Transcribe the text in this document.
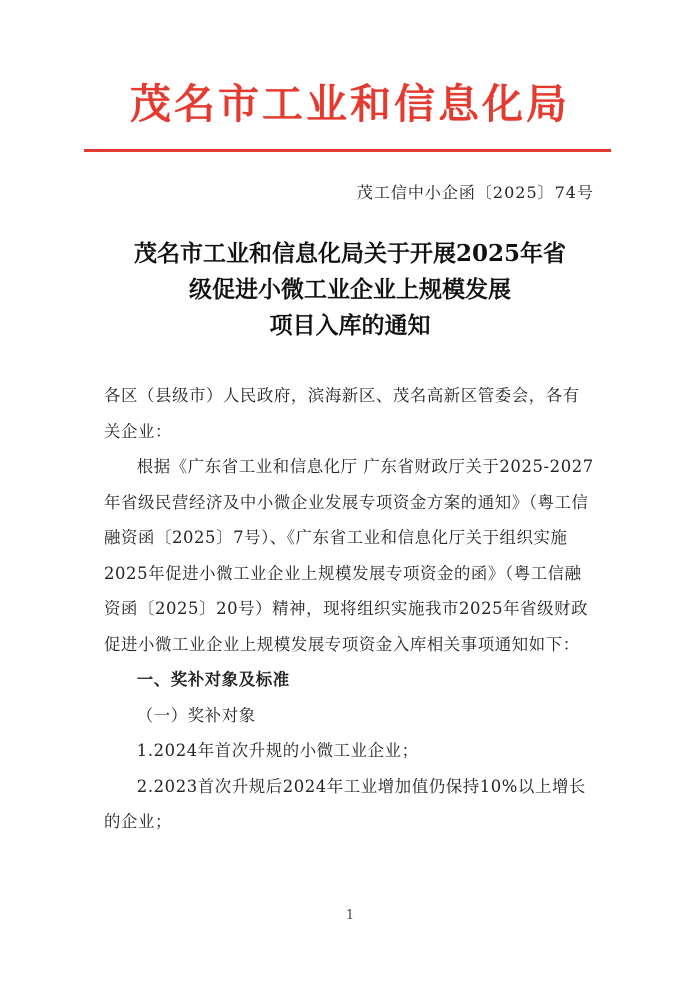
茂名市工业和信息化局
茂工信中小企函〔2025〕74号
茂名市工业和信息化局关于开展2025年省
级促进小微工业企业上规模发展
项目入库的通知

各区（县级市）人民政府，滨海新区、茂名高新区管委会，各有关企业：

根据《广东省工业和信息化厅 广东省财政厅关于2025-2027年省级民营经济及中小微企业发展专项资金方案的通知》（粤工信融资函〔2025〕7号）、《广东省工业和信息化厅关于组织实施2025年促进小微工业企业上规模发展专项资金的函》（粤工信融资函〔2025〕20号）精神，现将组织实施我市2025年省级财政促进小微工业企业上规模发展专项资金入库相关事项通知如下：

一、奖补对象及标准

（一）奖补对象

1.2024年首次升规的小微工业企业；

2.2023首次升规后2024年工业增加值仍保持10%以上增长的企业；

1
